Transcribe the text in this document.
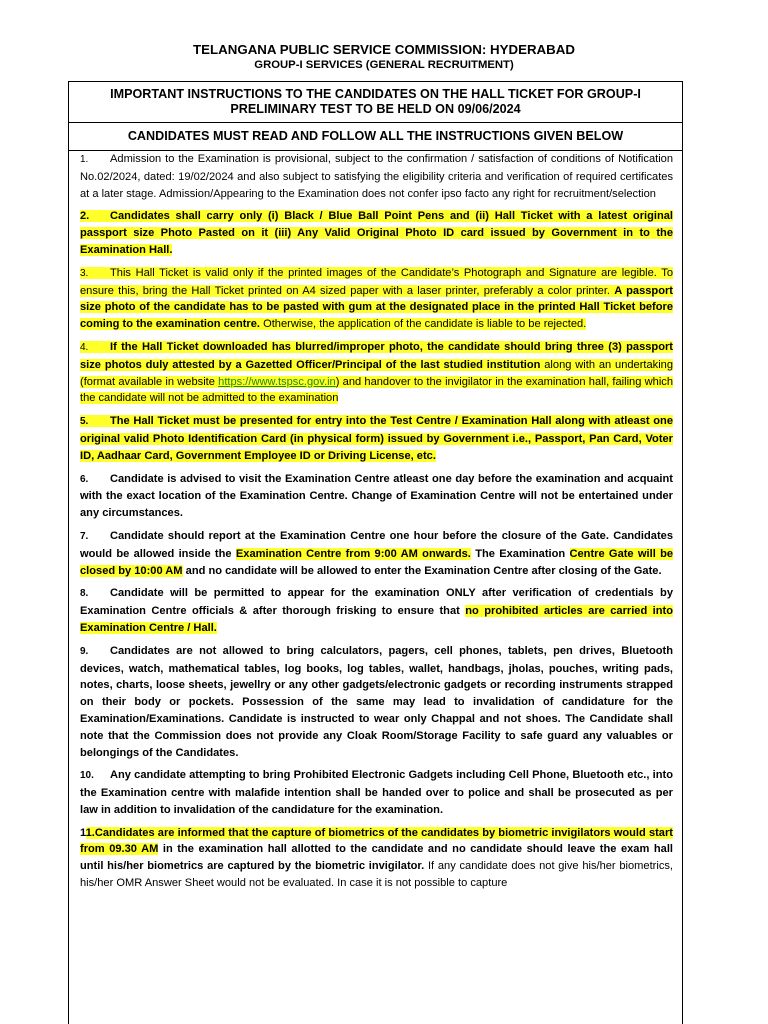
TELANGANA PUBLIC SERVICE COMMISSION: HYDERABAD
GROUP-I SERVICES (GENERAL RECRUITMENT)
IMPORTANT INSTRUCTIONS TO THE CANDIDATES ON THE HALL TICKET FOR GROUP-I PRELIMINARY TEST TO BE HELD ON 09/06/2024
CANDIDATES MUST READ AND FOLLOW ALL THE INSTRUCTIONS GIVEN BELOW

1. Admission to the Examination is provisional, subject to the confirmation / satisfaction of conditions of Notification No.02/2024, dated: 19/02/2024 and also subject to satisfying the eligibility criteria and verification of required certificates at a later stage. Admission/Appearing to the Examination does not confer ipso facto any right for recruitment/selection

2. Candidates shall carry only (i) Black / Blue Ball Point Pens and (ii) Hall Ticket with a latest original passport size Photo Pasted on it (iii) Any Valid Original Photo ID card issued by Government in to the Examination Hall.

3. This Hall Ticket is valid only if the printed images of the Candidate’s Photograph and Signature are legible. To ensure this, bring the Hall Ticket printed on A4 sized paper with a laser printer, preferably a color printer. A passport size photo of the candidate has to be pasted with gum at the designated place in the printed Hall Ticket before coming to the examination centre. Otherwise, the application of the candidate is liable to be rejected.

4. If the Hall Ticket downloaded has blurred/improper photo, the candidate should bring three (3) passport size photos duly attested by a Gazetted Officer/Principal of the last studied institution along with an undertaking (format available in website https://www.tspsc.gov.in) and handover to the invigilator in the examination hall, failing which the candidate will not be admitted to the examination

5. The Hall Ticket must be presented for entry into the Test Centre / Examination Hall along with atleast one original valid Photo Identification Card (in physical form) issued by Government i.e., Passport, Pan Card, Voter ID, Aadhaar Card, Government Employee ID or Driving License, etc.

6. Candidate is advised to visit the Examination Centre atleast one day before the examination and acquaint with the exact location of the Examination Centre. Change of Examination Centre will not be entertained under any circumstances.

7. Candidate should report at the Examination Centre one hour before the closure of the Gate. Candidates would be allowed inside the Examination Centre from 9:00 AM onwards. The Examination Centre Gate will be closed by 10:00 AM and no candidate will be allowed to enter the Examination Centre after closing of the Gate.

8. Candidate will be permitted to appear for the examination ONLY after verification of credentials by Examination Centre officials & after thorough frisking to ensure that no prohibited articles are carried into Examination Centre / Hall.

9. Candidates are not allowed to bring calculators, pagers, cell phones, tablets, pen drives, Bluetooth devices, watch, mathematical tables, log books, log tables, wallet, handbags, jholas, pouches, writing pads, notes, charts, loose sheets, jewellry or any other gadgets/electronic gadgets or recording instruments strapped on their body or pockets. Possession of the same may lead to invalidation of candidature for the Examination/Examinations. Candidate is instructed to wear only Chappal and not shoes. The Candidate shall note that the Commission does not provide any Cloak Room/Storage Facility to safe guard any valuables or belongings of the Candidates.

10. Any candidate attempting to bring Prohibited Electronic Gadgets including Cell Phone, Bluetooth etc., into the Examination centre with malafide intention shall be handed over to police and shall be prosecuted as per law in addition to invalidation of the candidature for the examination.

11.Candidates are informed that the capture of biometrics of the candidates by biometric invigilators would start from 09.30 AM in the examination hall allotted to the candidate and no candidate should leave the exam hall until his/her biometrics are captured by the biometric invigilator. If any candidate does not give his/her biometrics, his/her OMR Answer Sheet would not be evaluated. In case it is not possible to capture
